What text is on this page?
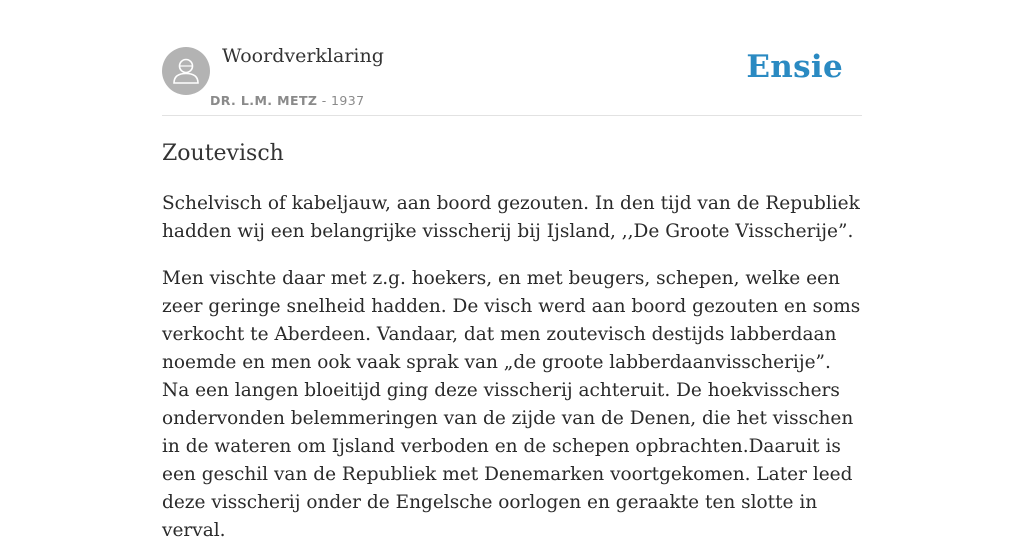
Woordverklaring
DR. L.M. METZ - 1937
Ensie
Zoutevisch

Schelvisch of kabeljauw, aan boord gezouten. In den tijd van de Republiek hadden wij een belangrijke visscherij bij Ijsland, ,,De Groote Visscherije”.

Men vischte daar met z.g. hoekers, en met beugers, schepen, welke een zeer geringe snelheid hadden. De visch werd aan boord gezouten en soms verkocht te Aberdeen. Vandaar, dat men zoutevisch destijds labberdaan noemde en men ook vaak sprak van „de groote labberdaanvisscherije”. Na een langen bloeitijd ging deze visscherij achteruit. De hoekvisschers ondervonden belemmeringen van de zijde van de Denen, die het visschen in de wateren om Ijsland verboden en de schepen opbrachten.Daaruit is een geschil van de Republiek met Denemarken voortgekomen. Later leed deze visscherij onder de Engelsche oorlogen en geraakte ten slotte in verval.
